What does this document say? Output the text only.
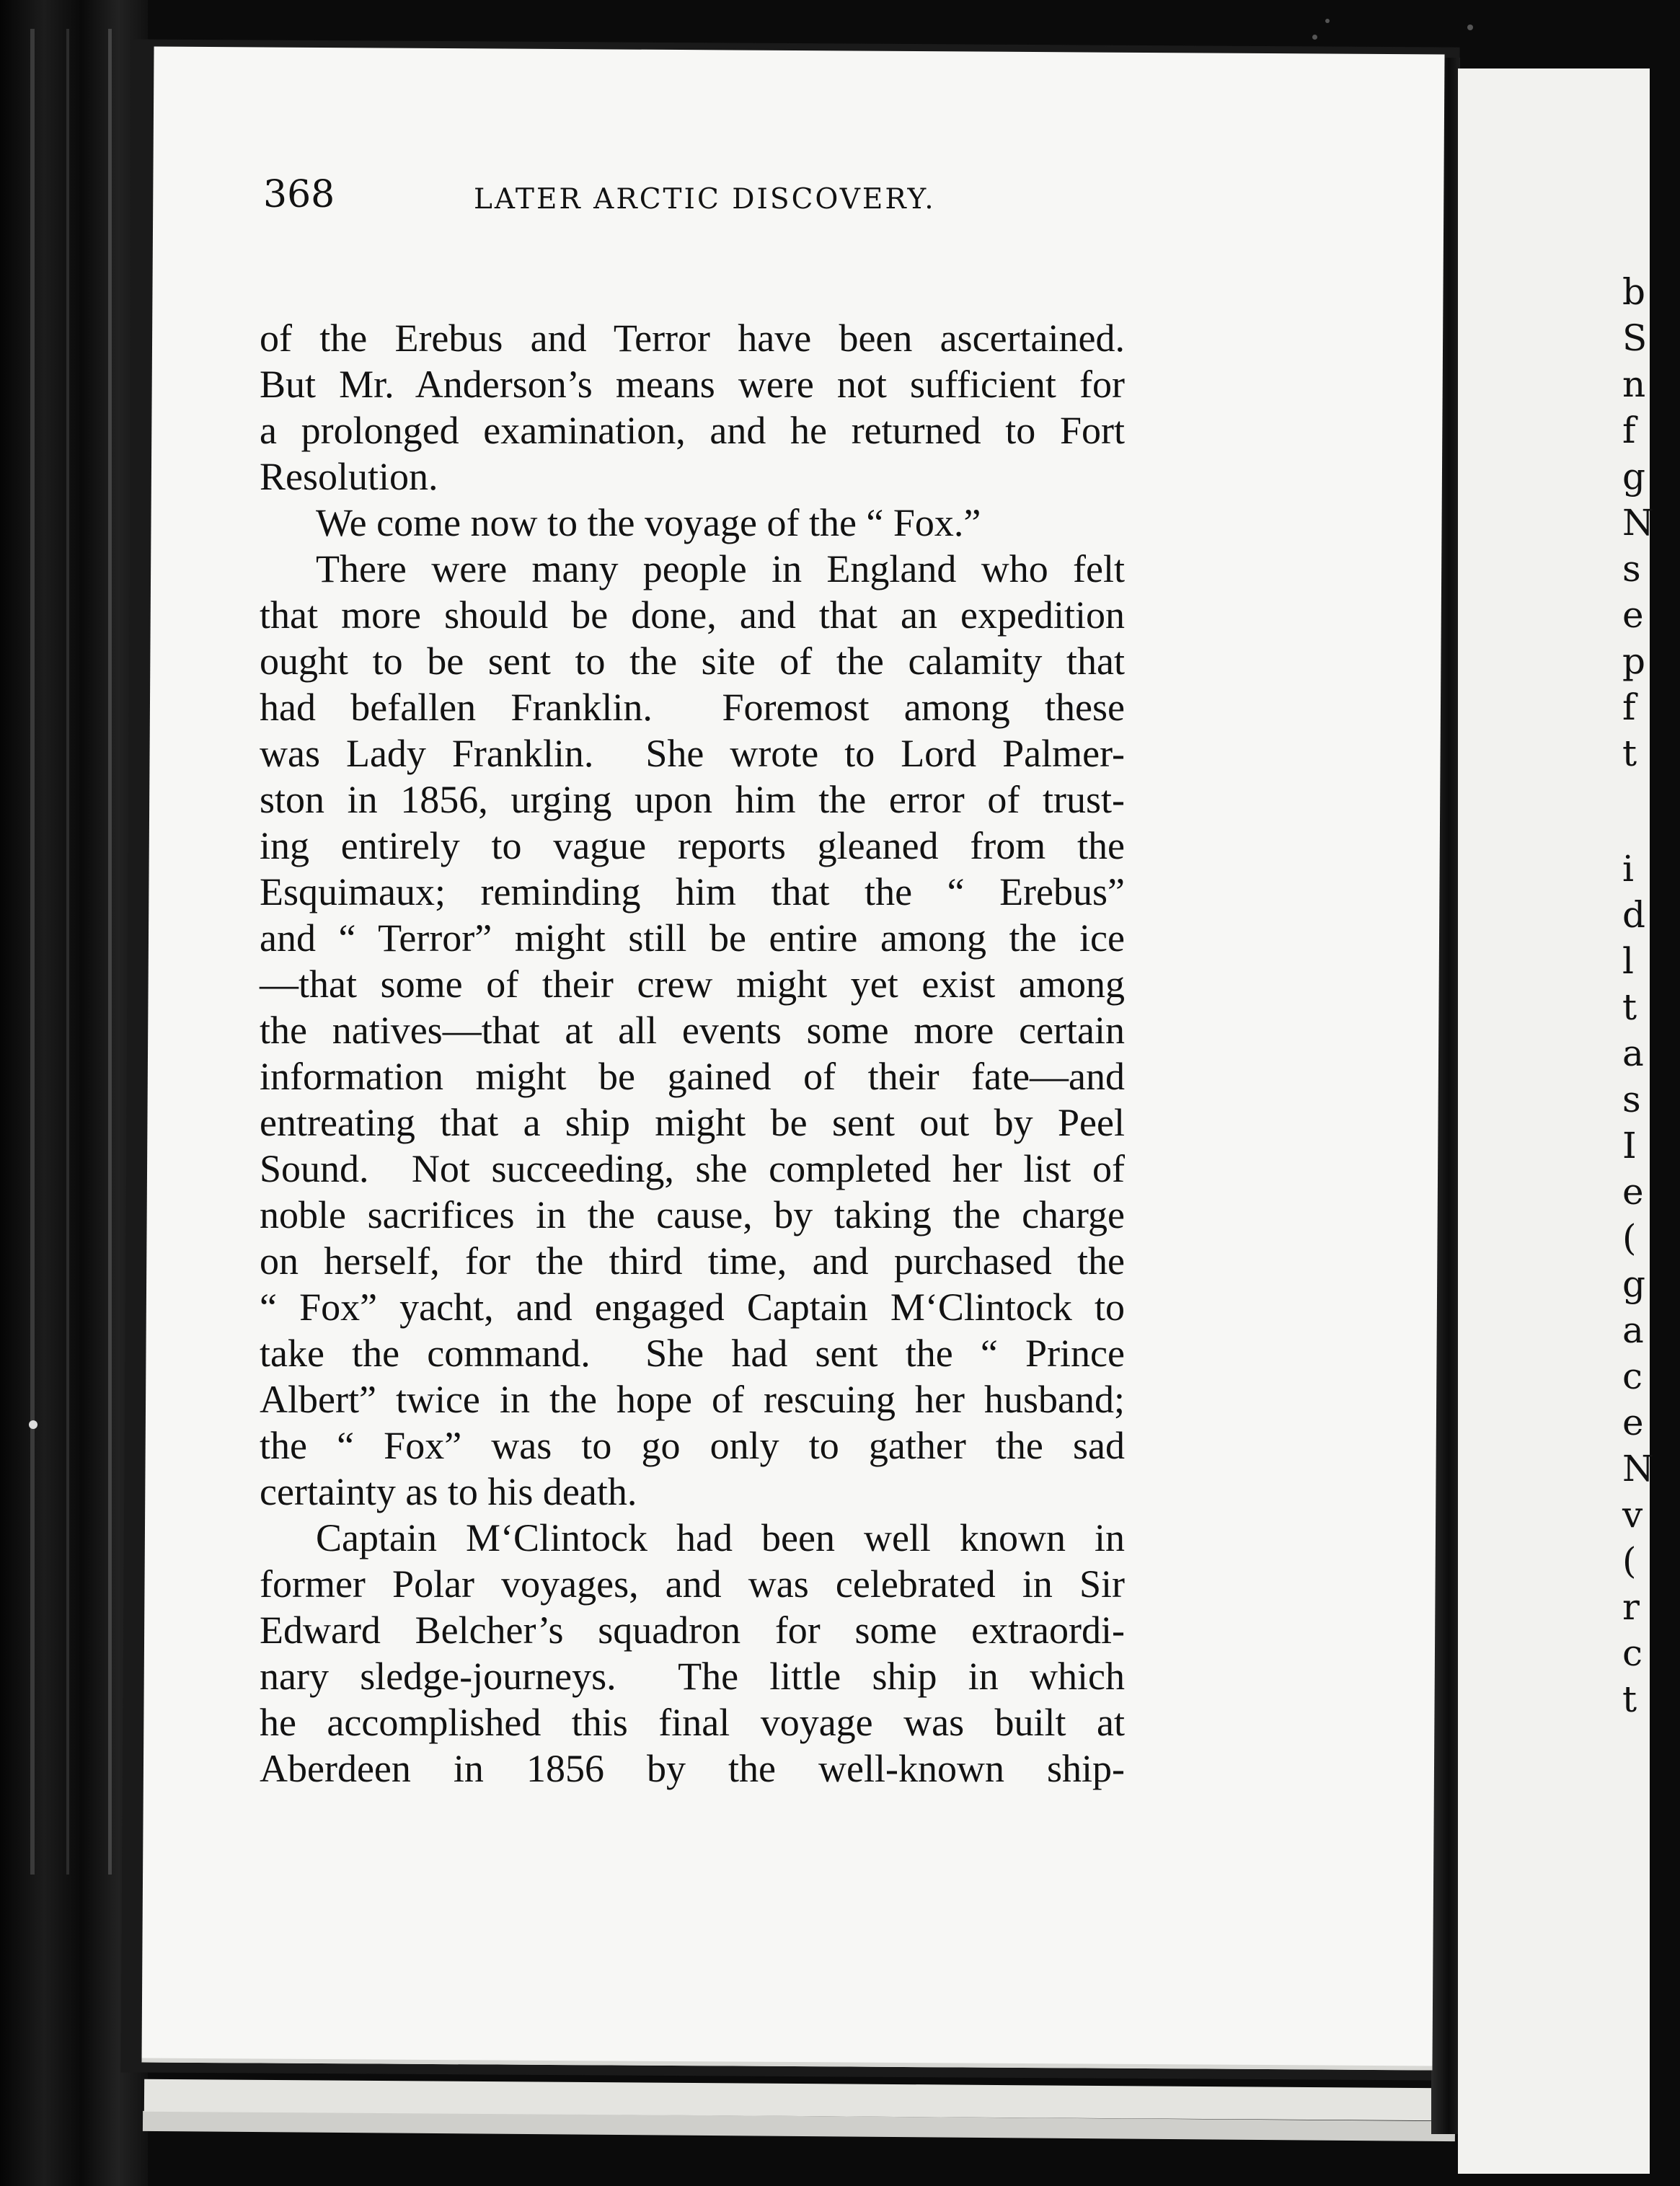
b
S
n
f
g
N
s
e
p
f
t
i
d
l
t
a
s
I
e
(
g
a
c
e
N
v
(
r
c
t
368	LATER ARCTIC DISCOVERY.
of the Erebus and Terror have been ascertained.
But Mr. Anderson’s means were not sufficient for
a prolonged examination, and he returned to Fort
Resolution.
We come now to the voyage of the “ Fox.”
There were many people in England who felt
that more should be done, and that an expedition
ought to be sent to the site of the calamity that
had befallen Franklin.  Foremost among these
was Lady Franklin.  She wrote to Lord Palmer-
ston in 1856, urging upon him the error of trust-
ing entirely to vague reports gleaned from the
Esquimaux; reminding him that the “ Erebus”
and “ Terror” might still be entire among the ice
—that some of their crew might yet exist among
the natives—that at all events some more certain
information might be gained of their fate—and
entreating that a ship might be sent out by Peel
Sound.  Not succeeding, she completed her list of
noble sacrifices in the cause, by taking the charge
on herself, for the third time, and purchased the
“ Fox” yacht, and engaged Captain M‘Clintock to
take the command.  She had sent the “ Prince
Albert” twice in the hope of rescuing her husband;
the “ Fox” was to go only to gather the sad
certainty as to his death.
Captain M‘Clintock had been well known in
former Polar voyages, and was celebrated in Sir
Edward Belcher’s squadron for some extraordi-
nary sledge-journeys.  The little ship in which
he accomplished this final voyage was built at
Aberdeen in 1856 by the well-known ship-
